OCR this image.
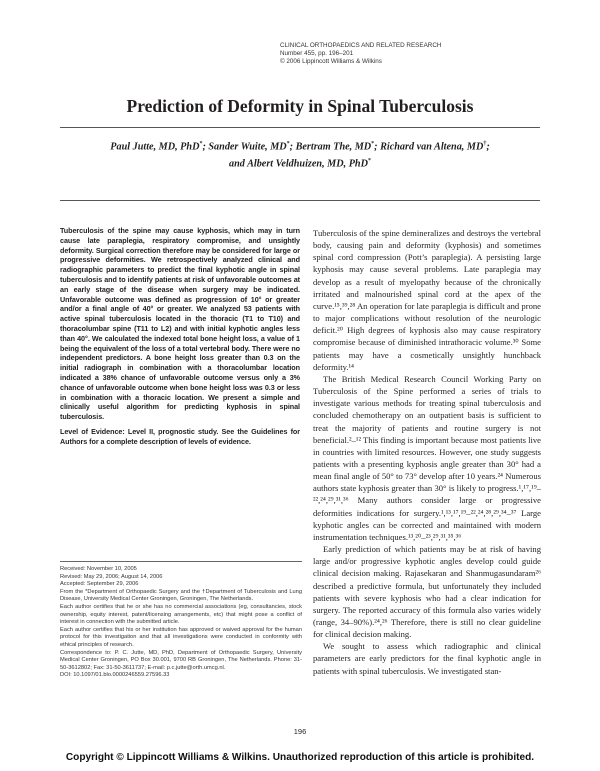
CLINICAL ORTHOPAEDICS AND RELATED RESEARCH
Number 455, pp. 196–201
© 2006 Lippincott Williams & Wilkins
Prediction of Deformity in Spinal Tuberculosis
Paul Jutte, MD, PhD*; Sander Wuite, MD*; Bertram The, MD*; Richard van Altena, MD†;
and Albert Veldhuizen, MD, PhD*

Tuberculosis of the spine may cause kyphosis, which may in turn cause late paraplegia, respiratory compromise, and unsightly deformity. Surgical correction therefore may be considered for large or progressive deformities. We retrospectively analyzed clinical and radiographic parameters to predict the final kyphotic angle in spinal tuberculosis and to identify patients at risk of unfavorable outcomes at an early stage of the disease when surgery may be indicated. Unfavorable outcome was defined as progression of 10° or greater and/or a final angle of 40° or greater. We analyzed 53 patients with active spinal tuberculosis located in the thoracic (T1 to T10) and thoracolumbar spine (T11 to L2) and with initial kyphotic angles less than 40°. We calculated the indexed total bone height loss, a value of 1 being the equivalent of the loss of a total vertebral body. There were no independent predictors. A bone height loss greater than 0.3 on the initial radiograph in combination with a thoracolumbar location indicated a 38% chance of unfavorable outcome versus only a 3% chance of unfavorable outcome when bone height loss was 0.3 or less in combination with a thoracic location. We present a simple and clinically useful algorithm for predicting kyphosis in spinal tuberculosis.

Level of Evidence: Level II, prognostic study. See the Guidelines for Authors for a complete description of levels of evidence.

Received: November 10, 2005
Revised: May 29, 2006; August 14, 2006
Accepted: September 29, 2006
From the *Department of Orthopaedic Surgery and the †Department of Tuberculosis and Lung Disease, University Medical Center Groningen, Groningen, The Netherlands.
Each author certifies that he or she has no commercial associations (eg, consultancies, stock ownership, equity interest, patent/licensing arrangements, etc) that might pose a conflict of interest in connection with the submitted article.
Each author certifies that his or her institution has approved or waived approval for the human protocol for this investigation and that all investigations were conducted in conformity with ethical principles of research.
Correspondence to: P. C. Jutte, MD, PhD, Department of Orthopaedic Surgery, University Medical Center Groningen, PO Box 30.001, 9700 RB Groningen, The Netherlands. Phone: 31-50-3612802; Fax: 31-50-3611737; E-mail: p.c.jutte@orth.umcg.nl.
DOI: 10.1097/01.blo.0000246559.27596.33

Tuberculosis of the spine demineralizes and destroys the vertebral body, causing pain and deformity (kyphosis) and sometimes spinal cord compression (Pott’s paraplegia). A persisting large kyphosis may cause several problems. Late paraplegia may develop as a result of myelopathy because of the chronically irritated and malnourished spinal cord at the apex of the curve.¹⁵,³⁹,²⁸ An operation for late paraplegia is difficult and prone to major complications without resolution of the neurologic deficit.²⁰ High degrees of kyphosis also may cause respiratory compromise because of diminished intrathoracic volume.³⁰ Some patients may have a cosmetically unsightly hunchback deformity.¹⁴

The British Medical Research Council Working Party on Tuberculosis of the Spine performed a series of trials to investigate various methods for treating spinal tuberculosis and concluded chemotherapy on an outpatient basis is sufficient to treat the majority of patients and routine surgery is not beneficial.²–¹² This finding is important because most patients live in countries with limited resources. However, one study suggests patients with a presenting kyphosis angle greater than 30° had a mean final angle of 50° to 73° develop after 10 years.²⁴ Numerous authors state kyphosis greater than 30° is likely to progress.¹,¹⁷,¹⁹–²²,²⁴,²⁹,³¹,³⁶ Many authors consider large or progressive deformities indications for surgery.¹,¹³,¹⁷,¹⁹–²²,²⁴,²⁸,²⁹,³⁴–³⁷ Large kyphotic angles can be corrected and maintained with modern instrumentation techniques.¹³,²⁰–²³,²⁹,³¹,³⁵,³⁶

Early prediction of which patients may be at risk of having large and/or progressive kyphotic angles develop could guide clinical decision making. Rajasekaran and Shanmugasundaram²⁶ described a predictive formula, but unfortunately they included patients with severe kyphosis who had a clear indication for surgery. The reported accuracy of this formula also varies widely (range, 34–90%).²⁴,²⁶ Therefore, there is still no clear guideline for clinical decision making.

We sought to assess which radiographic and clinical parameters are early predictors for the final kyphotic angle in patients with spinal tuberculosis. We investigated stan-

196
Copyright © Lippincott Williams & Wilkins. Unauthorized reproduction of this article is prohibited.
